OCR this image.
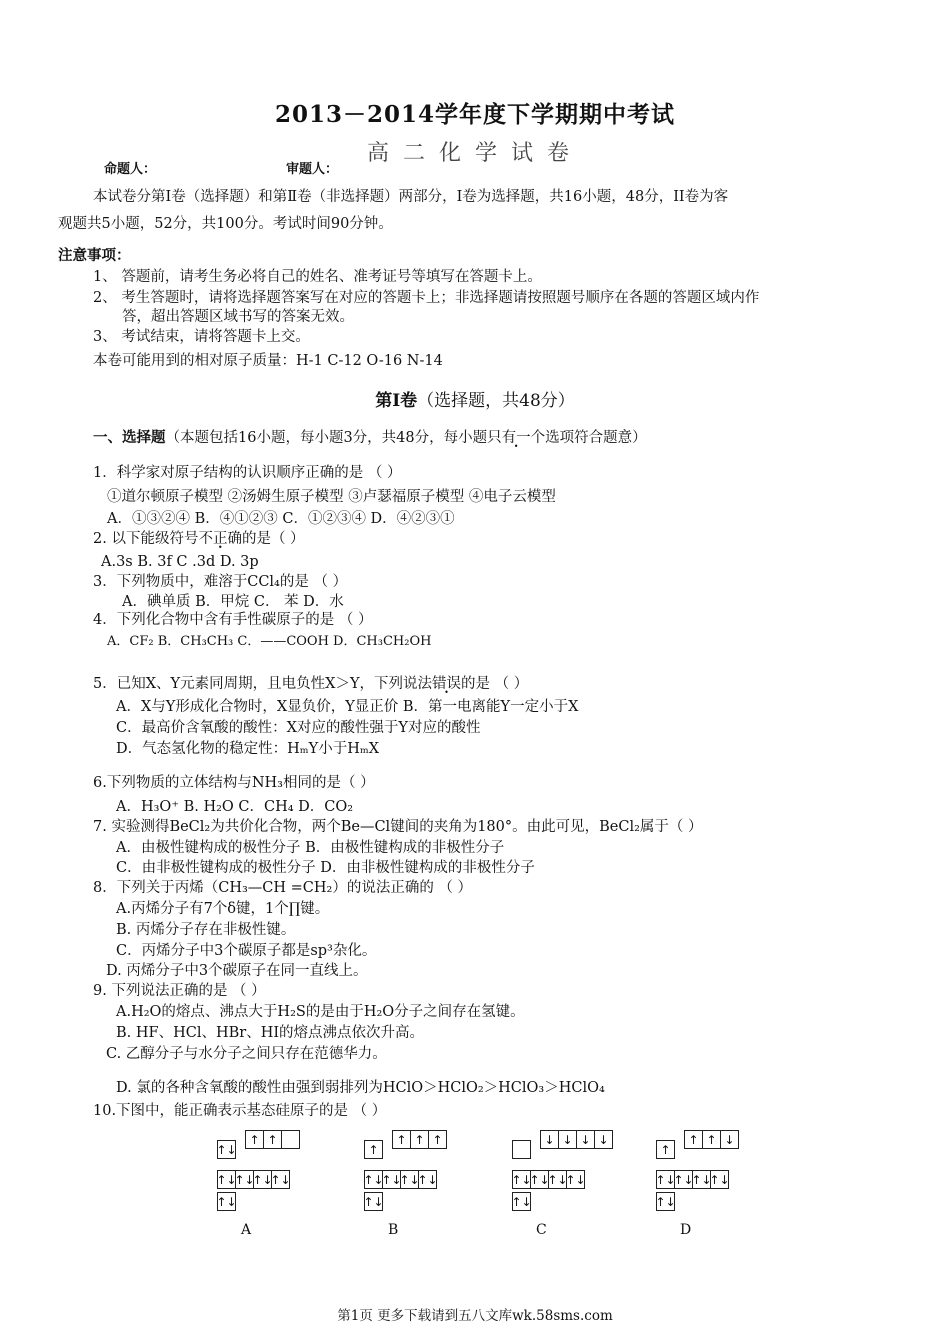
2013－2014学年度下学期期中考试
高二化学试卷
命题人：	审题人：
本试卷分第Ⅰ卷（选择题）和第Ⅱ卷（非选择题）两部分，I卷为选择题，共16小题，48分，II卷为客
观题共5小题，52分，共100分。考试时间90分钟。
注意事项：
1、 答题前，请考生务必将自己的姓名、准考证号等填写在答题卡上。
2、 考生答题时，请将选择题答案写在对应的答题卡上；非选择题请按照题号顺序在各题的答题区域内作
答，超出答题区域书写的答案无效。
3、 考试结束，请将答题卡上交。
本卷可能用到的相对原子质量：H-1 C-12 O-16 N-14
第Ⅰ卷（选择题，共48分）
一、选择题（本题包括16小题，每小题3分，共48分，每小题只有一个选项符合题意）
1．科学家对原子结构的认识顺序正确的是 （ ）
①道尔顿原子模型 ②汤姆生原子模型 ③卢瑟福原子模型 ④电子云模型
A．①③②④ B．④①②③ C．①②③④ D．④②③①
2. 以下能级符号不正确的是（ ）
A.3s B. 3f C .3d D. 3p
3．下列物质中，难溶于CCl₄的是 （ ）
A．碘单质 B．甲烷 C． 苯 D．水
4．下列化合物中含有手性碳原子的是 （ ）
A．CF₂ B．CH₃CH₃ C．——COOH D．CH₃CH₂OH
5．已知X、Y元素同周期，且电负性X＞Y，下列说法错误的是 （ ）
A．X与Y形成化合物时，X显负价，Y显正价 B．第一电离能Y一定小于X
C．最高价含氧酸的酸性：X对应的酸性强于Y对应的酸性
D．气态氢化物的稳定性：HₘY小于HₘX
6.下列物质的立体结构与NH₃相同的是（ ）
A．H₃O⁺ B. H₂O C．CH₄ D．CO₂
7. 实验测得BeCl₂为共价化合物，两个Be—Cl键间的夹角为180°。由此可见，BeCl₂属于（ ）
A．由极性键构成的极性分子 B．由极性键构成的非极性分子
C．由非极性键构成的极性分子 D．由非极性键构成的非极性分子
8．下列关于丙烯（CH₃—CH =CH₂）的说法正确的 （ ）
A.丙烯分子有7个δ键，1个∏键。
B. 丙烯分子存在非极性键。
C．丙烯分子中3个碳原子都是sp³杂化。
D. 丙烯分子中3个碳原子在同一直线上。
9. 下列说法正确的是 （ ）
A.H₂O的熔点、沸点大于H₂S的是由于H₂O分子之间存在氢键。
B. HF、HCl、HBr、HI的熔点沸点依次升高。
C. 乙醇分子与水分子之间只存在范德华力。
D. 氯的各种含氧酸的酸性由强到弱排列为HClO＞HClO₂＞HClO₃＞HClO₄
10.下图中，能正确表示基态硅原子的是 （ ）
↑↓
↑ ↑
↑↓
↑↓
↑↓
↑↓
↑↓
A
↑
↑ ↑ ↑
↑↓
↑↓
↑↓
↑↓
↑↓
B
↓ ↓ ↓ ↓
↑↓
↑↓
↑↓
↑↓
↑↓
C
↑
↑ ↑ ↓
↑↓
↑↓
↑↓
↑↓
↑↓
D
第1页 更多下载请到五八文库wk.58sms.com
